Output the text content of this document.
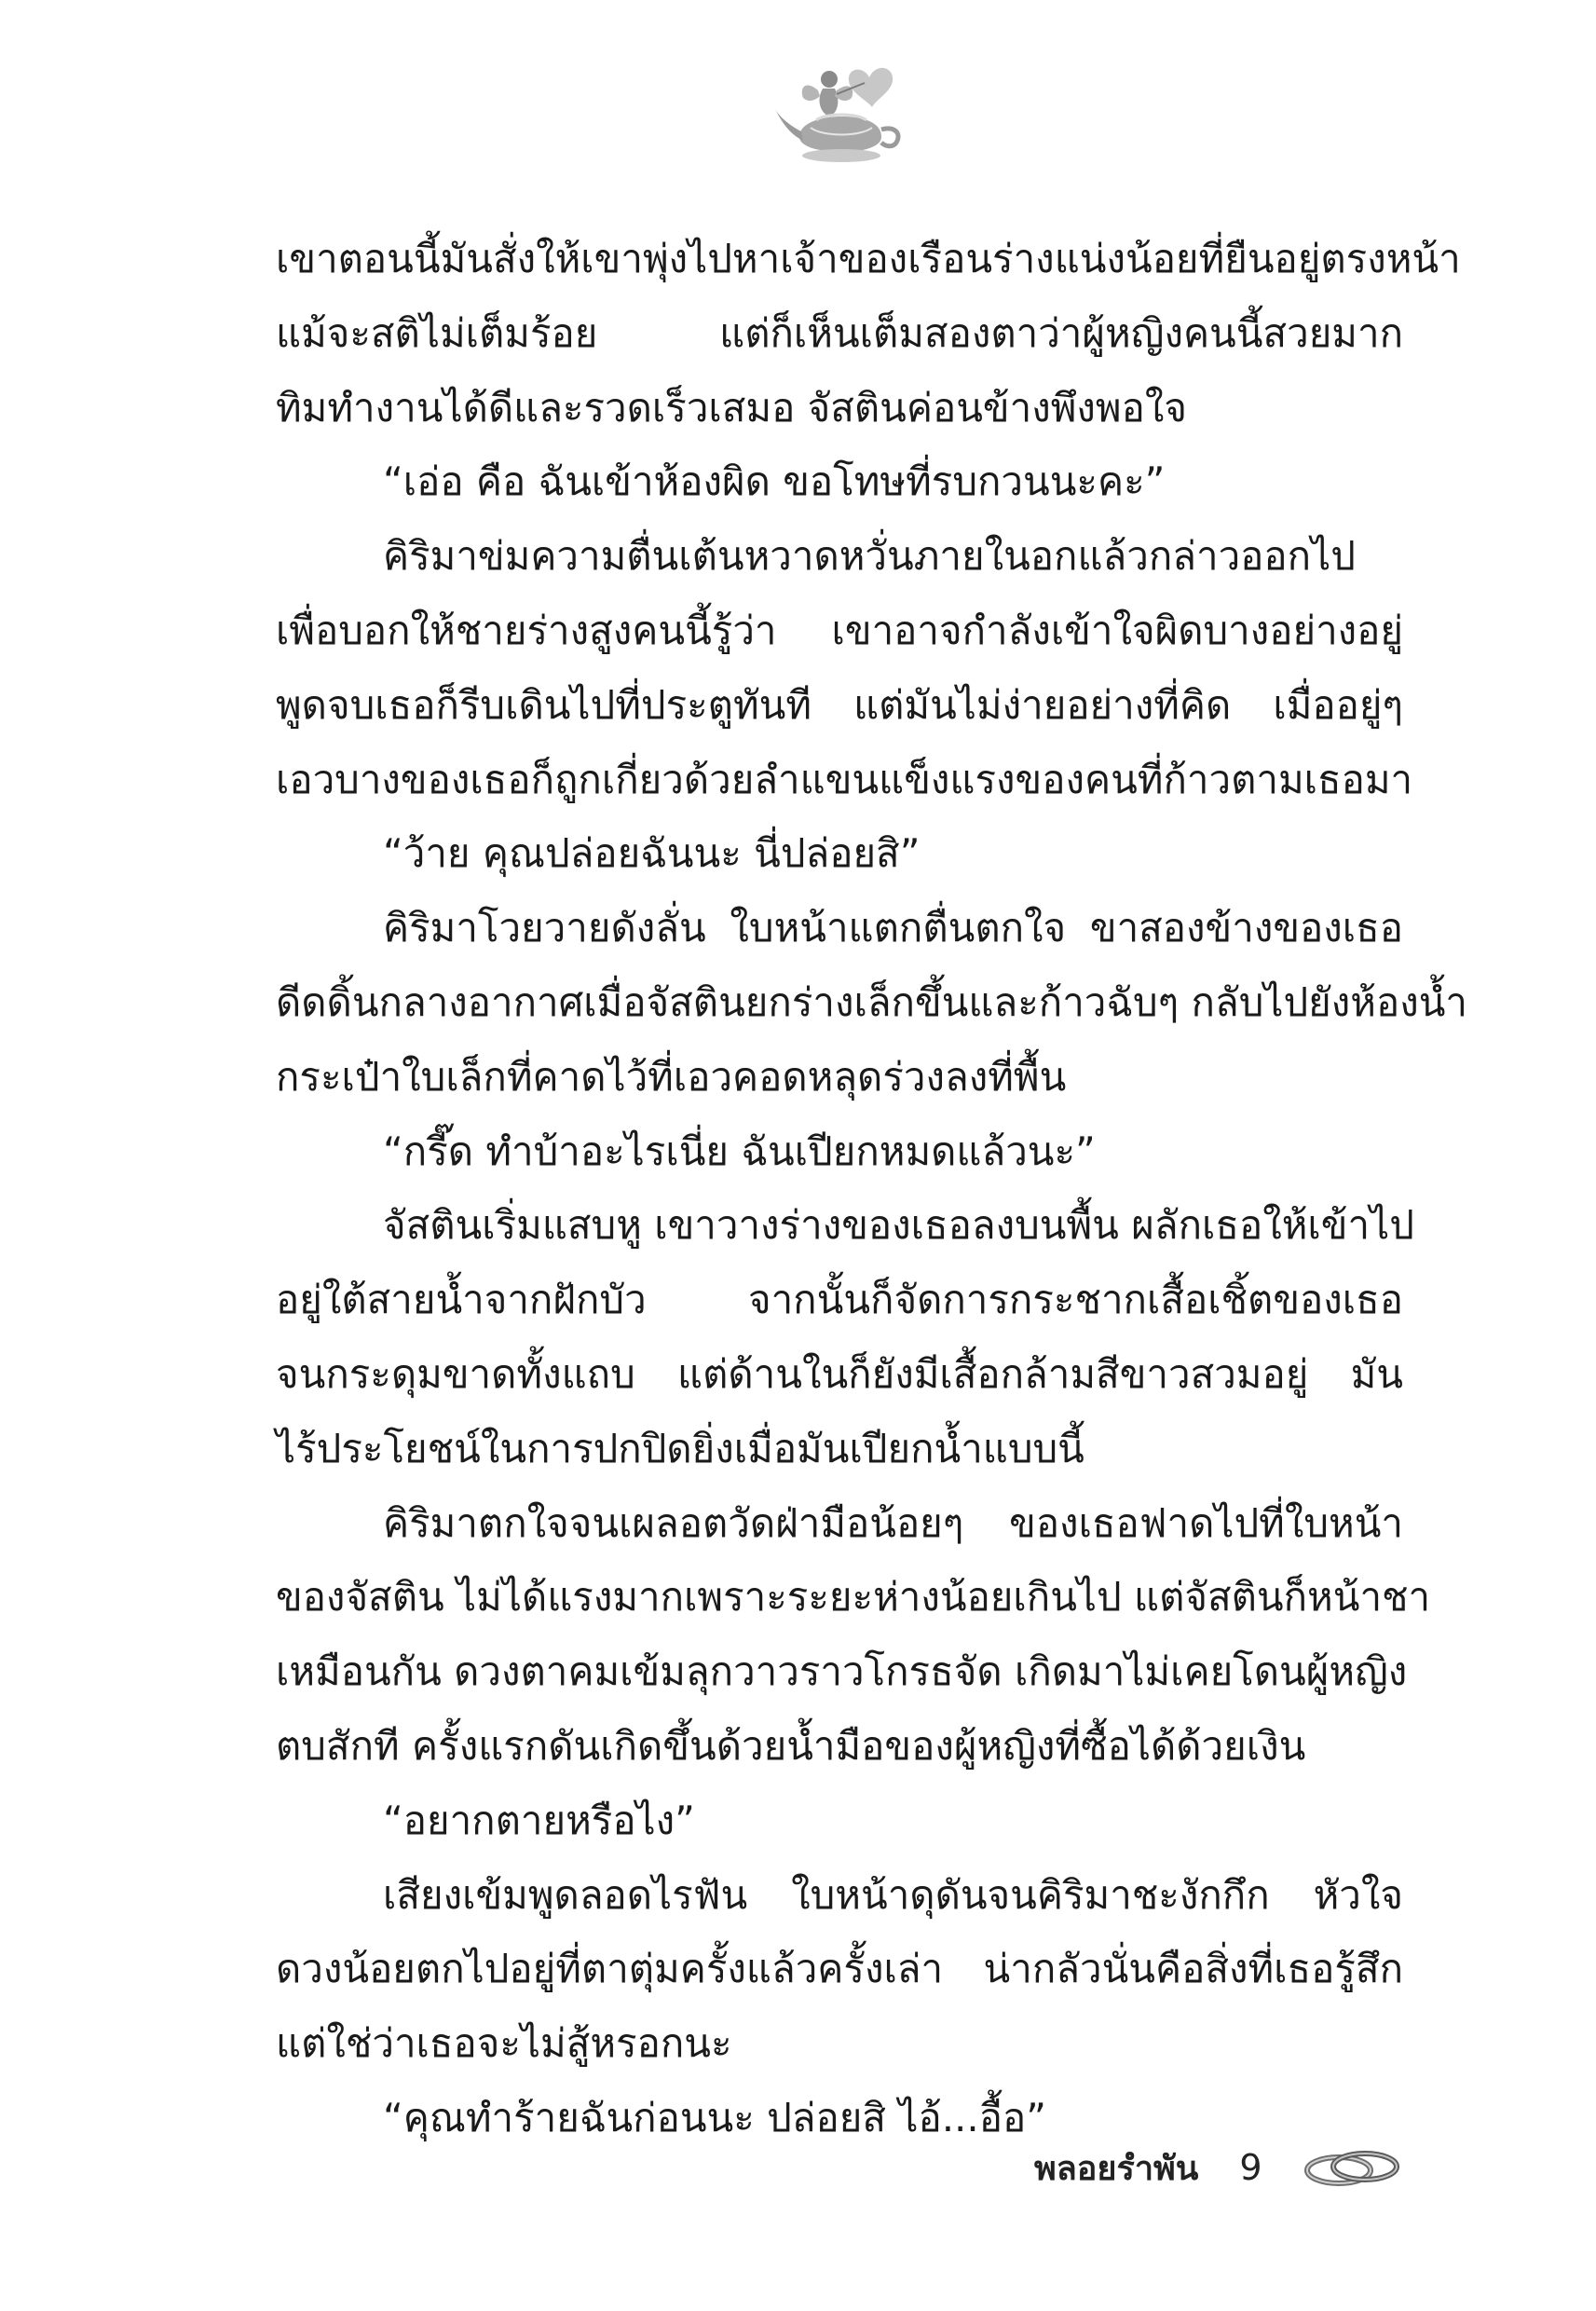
เขาตอนนี้มันสั่งให้เขาพุ่งไปหาเจ้าของเรือนร่างแน่งน้อยที่ยืนอยู่ตรงหน้า
แม้จะสติไม่เต็มร้อย แต่ก็เห็นเต็มสองตาว่าผู้หญิงคนนี้สวยมาก
ทิมทำงานได้ดีและรวดเร็วเสมอ จัสตินค่อนข้างพึงพอใจ
“เอ่อ คือ ฉันเข้าห้องผิด ขอโทษที่รบกวนนะคะ”
คิริมาข่มความตื่นเต้นหวาดหวั่นภายในอกแล้วกล่าวออกไป
เพื่อบอกให้ชายร่างสูงคนนี้รู้ว่า เขาอาจกำลังเข้าใจผิดบางอย่างอยู่
พูดจบเธอก็รีบเดินไปที่ประตูทันที แต่มันไม่ง่ายอย่างที่คิด เมื่ออยู่ๆ
เอวบางของเธอก็ถูกเกี่ยวด้วยลำแขนแข็งแรงของคนที่ก้าวตามเธอมา
“ว้าย คุณปล่อยฉันนะ นี่ปล่อยสิ”
คิริมาโวยวายดังลั่น ใบหน้าแตกตื่นตกใจ ขาสองข้างของเธอ
ดีดดิ้นกลางอากาศเมื่อจัสตินยกร่างเล็กขึ้นและก้าวฉับๆ กลับไปยังห้องน้ำ
กระเป๋าใบเล็กที่คาดไว้ที่เอวคอดหลุดร่วงลงที่พื้น
“กรี๊ด ทำบ้าอะไรเนี่ย ฉันเปียกหมดแล้วนะ”
จัสตินเริ่มแสบหู เขาวางร่างของเธอลงบนพื้น ผลักเธอให้เข้าไป
อยู่ใต้สายน้ำจากฝักบัว จากนั้นก็จัดการกระชากเสื้อเชิ้ตของเธอ
จนกระดุมขาดทั้งแถบ แต่ด้านในก็ยังมีเสื้อกล้ามสีขาวสวมอยู่ มัน
ไร้ประโยชน์ในการปกปิดยิ่งเมื่อมันเปียกน้ำแบบนี้
คิริมาตกใจจนเผลอตวัดฝ่ามือน้อยๆ ของเธอฟาดไปที่ใบหน้า
ของจัสติน ไม่ได้แรงมากเพราะระยะห่างน้อยเกินไป แต่จัสตินก็หน้าชา
เหมือนกัน ดวงตาคมเข้มลุกวาวราวโกรธจัด เกิดมาไม่เคยโดนผู้หญิง
ตบสักที ครั้งแรกดันเกิดขึ้นด้วยน้ำมือของผู้หญิงที่ซื้อได้ด้วยเงิน
“อยากตายหรือไง”
เสียงเข้มพูดลอดไรฟัน ใบหน้าดุดันจนคิริมาชะงักกึก หัวใจ
ดวงน้อยตกไปอยู่ที่ตาตุ่มครั้งแล้วครั้งเล่า น่ากลัวนั่นคือสิ่งที่เธอรู้สึก
แต่ใช่ว่าเธอจะไม่สู้หรอกนะ
“คุณทำร้ายฉันก่อนนะ ปล่อยสิ ไอ้...อื้อ”
พลอยรำพัน 9
